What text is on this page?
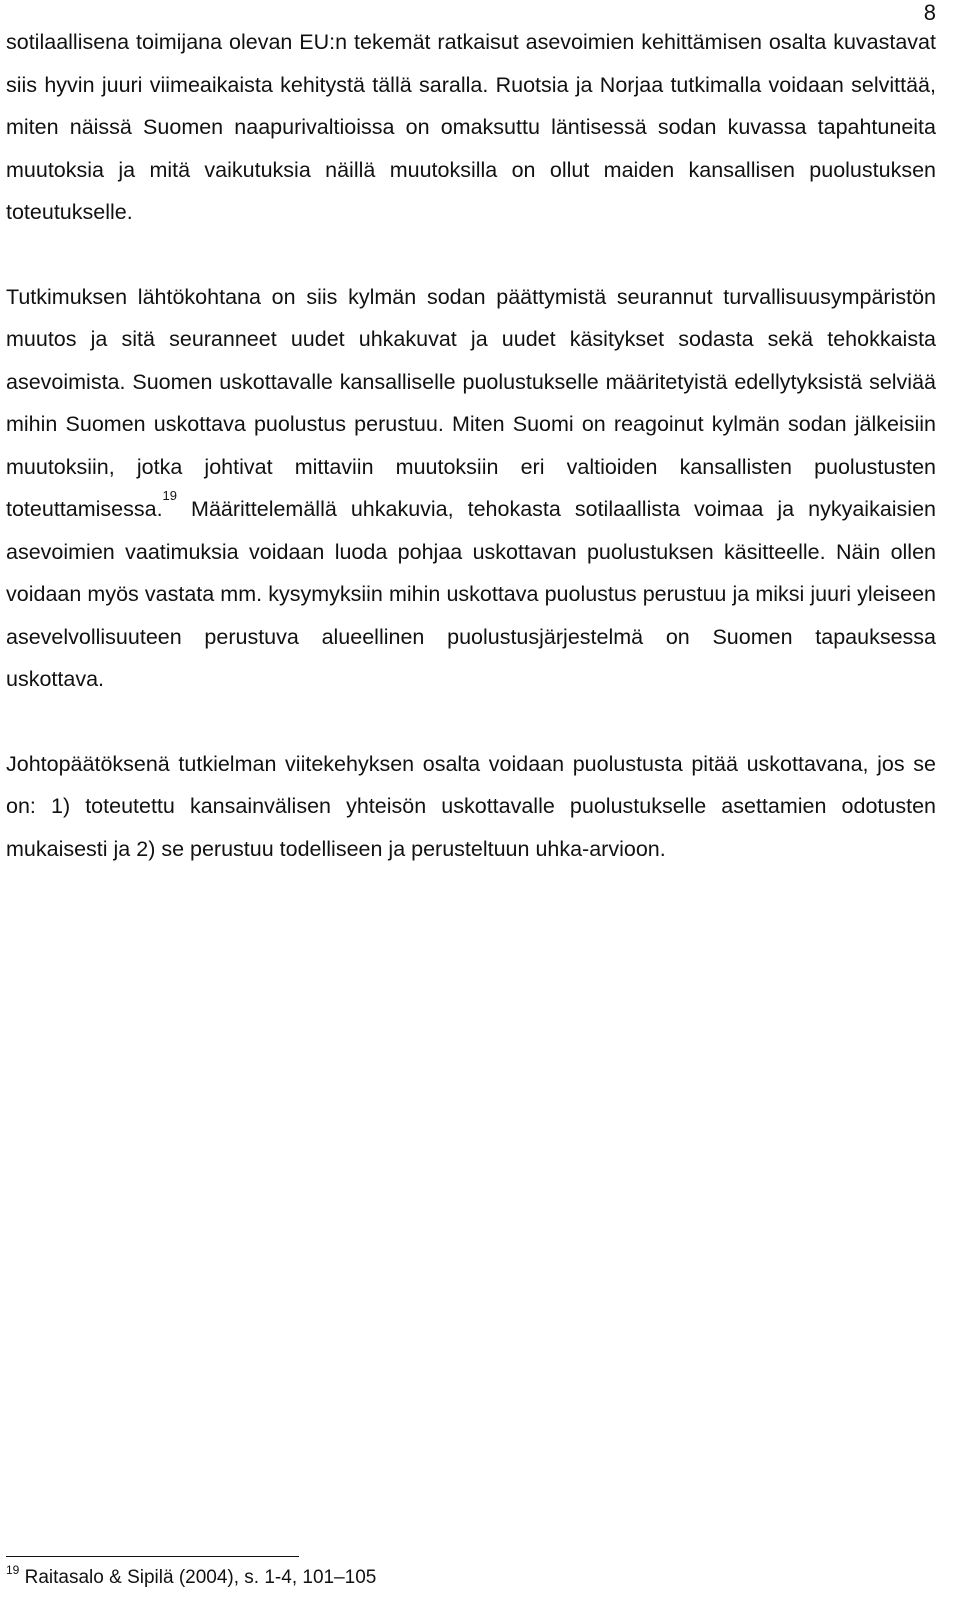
8

sotilaallisena toimijana olevan EU:n tekemät ratkaisut asevoimien kehittämisen osalta kuvastavat siis hyvin juuri viimeaikaista kehitystä tällä saralla. Ruotsia ja Norjaa tutkimalla voidaan selvittää, miten näissä Suomen naapurivaltioissa on omaksuttu läntisessä sodan kuvassa tapahtuneita muutoksia ja mitä vaikutuksia näillä muutoksilla on ollut maiden kansallisen puolustuksen toteutukselle.

Tutkimuksen lähtökohtana on siis kylmän sodan päättymistä seurannut turvallisuusympäristön muutos ja sitä seuranneet uudet uhkakuvat ja uudet käsitykset sodasta sekä tehokkaista asevoimista. Suomen uskottavalle kansalliselle puolustukselle määritetyistä edellytyksistä selviää mihin Suomen uskottava puolustus perustuu. Miten Suomi on reagoinut kylmän sodan jälkeisiin muutoksiin, jotka johtivat mittaviin muutoksiin eri valtioiden kansallisten puolustusten toteuttamisessa.$^{19}$ Määrittelemällä uhkakuvia, tehokasta sotilaallista voimaa ja nykyaikaisien asevoimien vaatimuksia voidaan luoda pohjaa uskottavan puolustuksen käsitteelle. Näin ollen voidaan myös vastata mm. kysymyksiin mihin uskottava puolustus perustuu ja miksi juuri yleiseen asevelvollisuuteen perustuva alueellinen puolustusjärjestelmä on Suomen tapauksessa uskottava.

Johtopäätöksenä tutkielman viitekehyksen osalta voidaan puolustusta pitää uskottavana, jos se on: 1) toteutettu kansainvälisen yhteisön uskottavalle puolustukselle asettamien odotusten mukaisesti ja 2) se perustuu todelliseen ja perusteltuun uhka-arvioon.

$^{19}$ Raitasalo & Sipilä (2004), s. 1-4, 101–105
